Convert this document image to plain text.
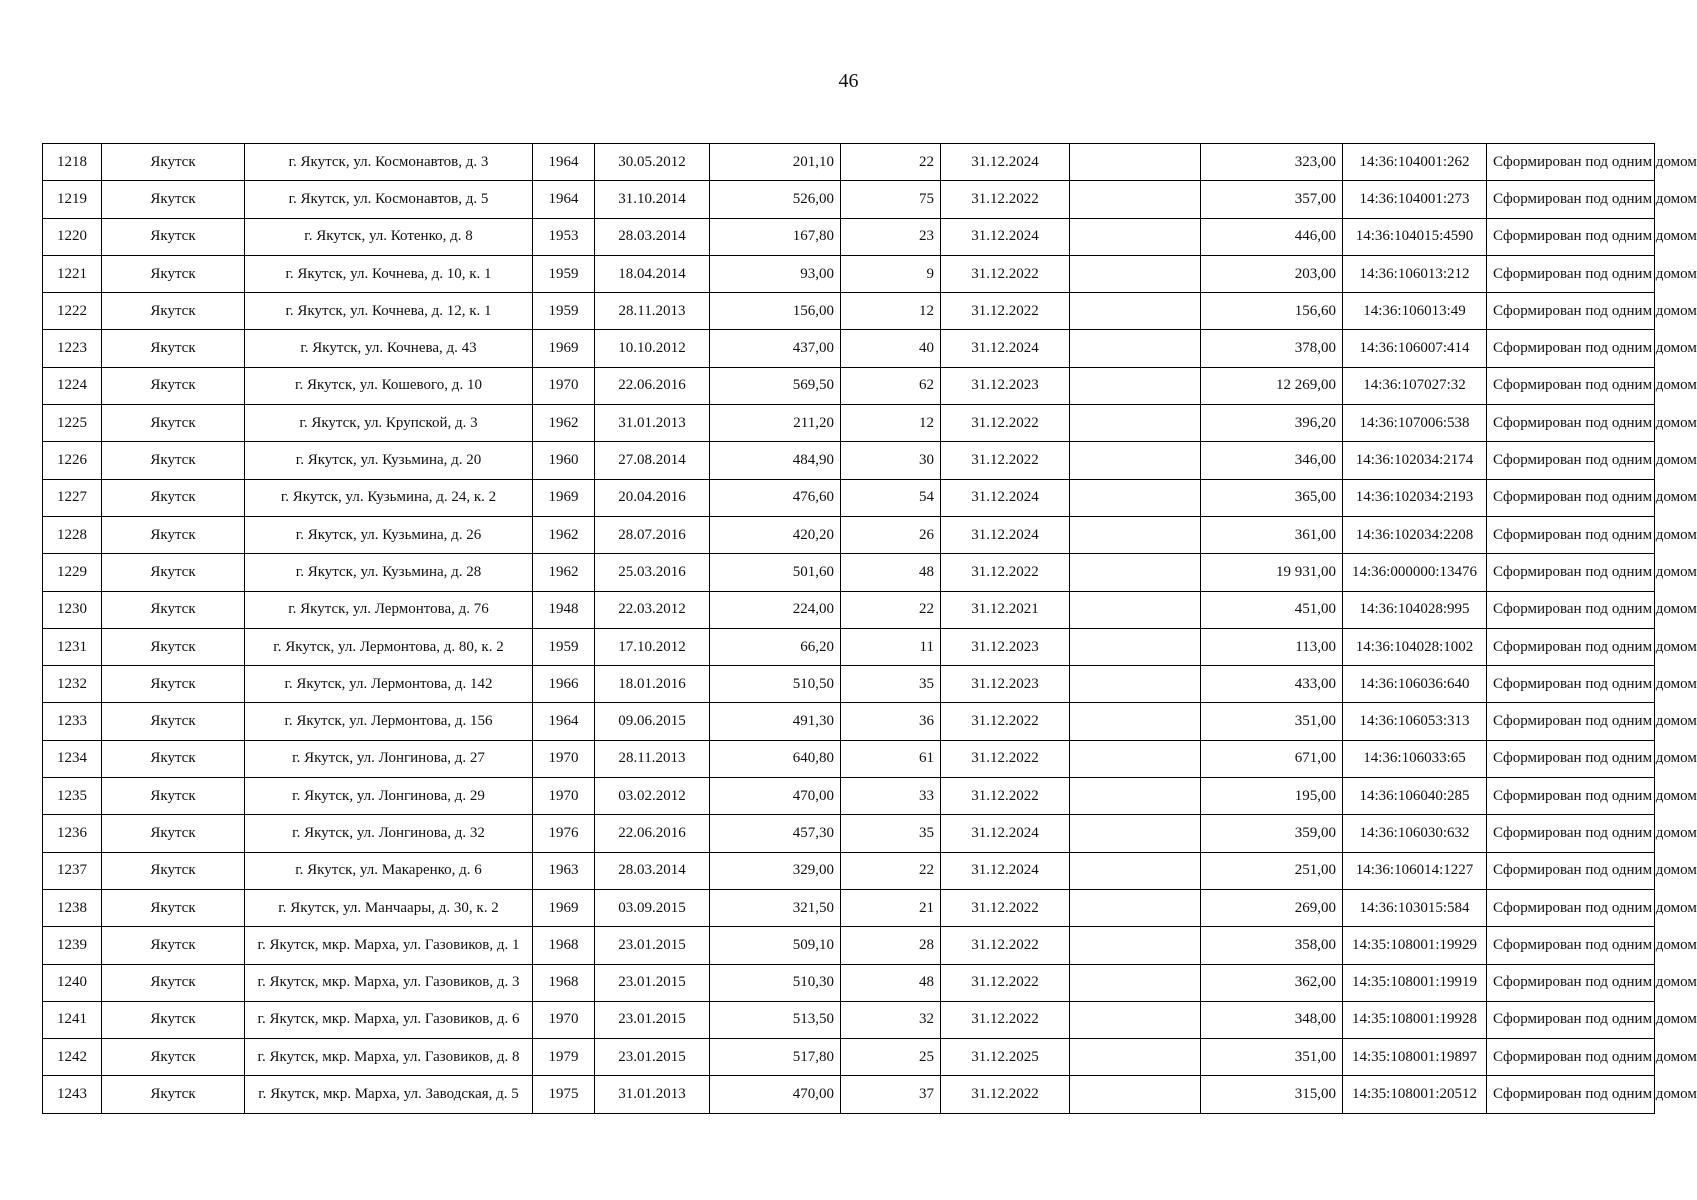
46
1218	Якутск	г. Якутск, ул. Космонавтов, д. 3	1964	30.05.2012	201,10	22	31.12.2024		323,00	14:36:104001:262	Сформирован под одним домом
1219	Якутск	г. Якутск, ул. Космонавтов, д. 5	1964	31.10.2014	526,00	75	31.12.2022		357,00	14:36:104001:273	Сформирован под одним домом
1220	Якутск	г. Якутск, ул. Котенко, д. 8	1953	28.03.2014	167,80	23	31.12.2024		446,00	14:36:104015:4590	Сформирован под одним домом
1221	Якутск	г. Якутск, ул. Кочнева, д. 10, к. 1	1959	18.04.2014	93,00	9	31.12.2022		203,00	14:36:106013:212	Сформирован под одним домом
1222	Якутск	г. Якутск, ул. Кочнева, д. 12, к. 1	1959	28.11.2013	156,00	12	31.12.2022		156,60	14:36:106013:49	Сформирован под одним домом
1223	Якутск	г. Якутск, ул. Кочнева, д. 43	1969	10.10.2012	437,00	40	31.12.2024		378,00	14:36:106007:414	Сформирован под одним домом
1224	Якутск	г. Якутск, ул. Кошевого, д. 10	1970	22.06.2016	569,50	62	31.12.2023		12 269,00	14:36:107027:32	Сформирован под одним домом
1225	Якутск	г. Якутск, ул. Крупской, д. 3	1962	31.01.2013	211,20	12	31.12.2022		396,20	14:36:107006:538	Сформирован под одним домом
1226	Якутск	г. Якутск, ул. Кузьмина, д. 20	1960	27.08.2014	484,90	30	31.12.2022		346,00	14:36:102034:2174	Сформирован под одним домом
1227	Якутск	г. Якутск, ул. Кузьмина, д. 24, к. 2	1969	20.04.2016	476,60	54	31.12.2024		365,00	14:36:102034:2193	Сформирован под одним домом
1228	Якутск	г. Якутск, ул. Кузьмина, д. 26	1962	28.07.2016	420,20	26	31.12.2024		361,00	14:36:102034:2208	Сформирован под одним домом
1229	Якутск	г. Якутск, ул. Кузьмина, д. 28	1962	25.03.2016	501,60	48	31.12.2022		19 931,00	14:36:000000:13476	Сформирован под одним домом
1230	Якутск	г. Якутск, ул. Лермонтова, д. 76	1948	22.03.2012	224,00	22	31.12.2021		451,00	14:36:104028:995	Сформирован под одним домом
1231	Якутск	г. Якутск, ул. Лермонтова, д. 80, к. 2	1959	17.10.2012	66,20	11	31.12.2023		113,00	14:36:104028:1002	Сформирован под одним домом
1232	Якутск	г. Якутск, ул. Лермонтова, д. 142	1966	18.01.2016	510,50	35	31.12.2023		433,00	14:36:106036:640	Сформирован под одним домом
1233	Якутск	г. Якутск, ул. Лермонтова, д. 156	1964	09.06.2015	491,30	36	31.12.2022		351,00	14:36:106053:313	Сформирован под одним домом
1234	Якутск	г. Якутск, ул. Лонгинова, д. 27	1970	28.11.2013	640,80	61	31.12.2022		671,00	14:36:106033:65	Сформирован под одним домом
1235	Якутск	г. Якутск, ул. Лонгинова, д. 29	1970	03.02.2012	470,00	33	31.12.2022		195,00	14:36:106040:285	Сформирован под одним домом
1236	Якутск	г. Якутск, ул. Лонгинова, д. 32	1976	22.06.2016	457,30	35	31.12.2024		359,00	14:36:106030:632	Сформирован под одним домом
1237	Якутск	г. Якутск, ул. Макаренко, д. 6	1963	28.03.2014	329,00	22	31.12.2024		251,00	14:36:106014:1227	Сформирован под одним домом
1238	Якутск	г. Якутск, ул. Манчаары, д. 30, к. 2	1969	03.09.2015	321,50	21	31.12.2022		269,00	14:36:103015:584	Сформирован под одним домом
1239	Якутск	г. Якутск, мкр. Марха, ул. Газовиков, д. 1	1968	23.01.2015	509,10	28	31.12.2022		358,00	14:35:108001:19929	Сформирован под одним домом
1240	Якутск	г. Якутск, мкр. Марха, ул. Газовиков, д. 3	1968	23.01.2015	510,30	48	31.12.2022		362,00	14:35:108001:19919	Сформирован под одним домом
1241	Якутск	г. Якутск, мкр. Марха, ул. Газовиков, д. 6	1970	23.01.2015	513,50	32	31.12.2022		348,00	14:35:108001:19928	Сформирован под одним домом
1242	Якутск	г. Якутск, мкр. Марха, ул. Газовиков, д. 8	1979	23.01.2015	517,80	25	31.12.2025		351,00	14:35:108001:19897	Сформирован под одним домом
1243	Якутск	г. Якутск, мкр. Марха, ул. Заводская, д. 5	1975	31.01.2013	470,00	37	31.12.2022		315,00	14:35:108001:20512	Сформирован под одним домом
